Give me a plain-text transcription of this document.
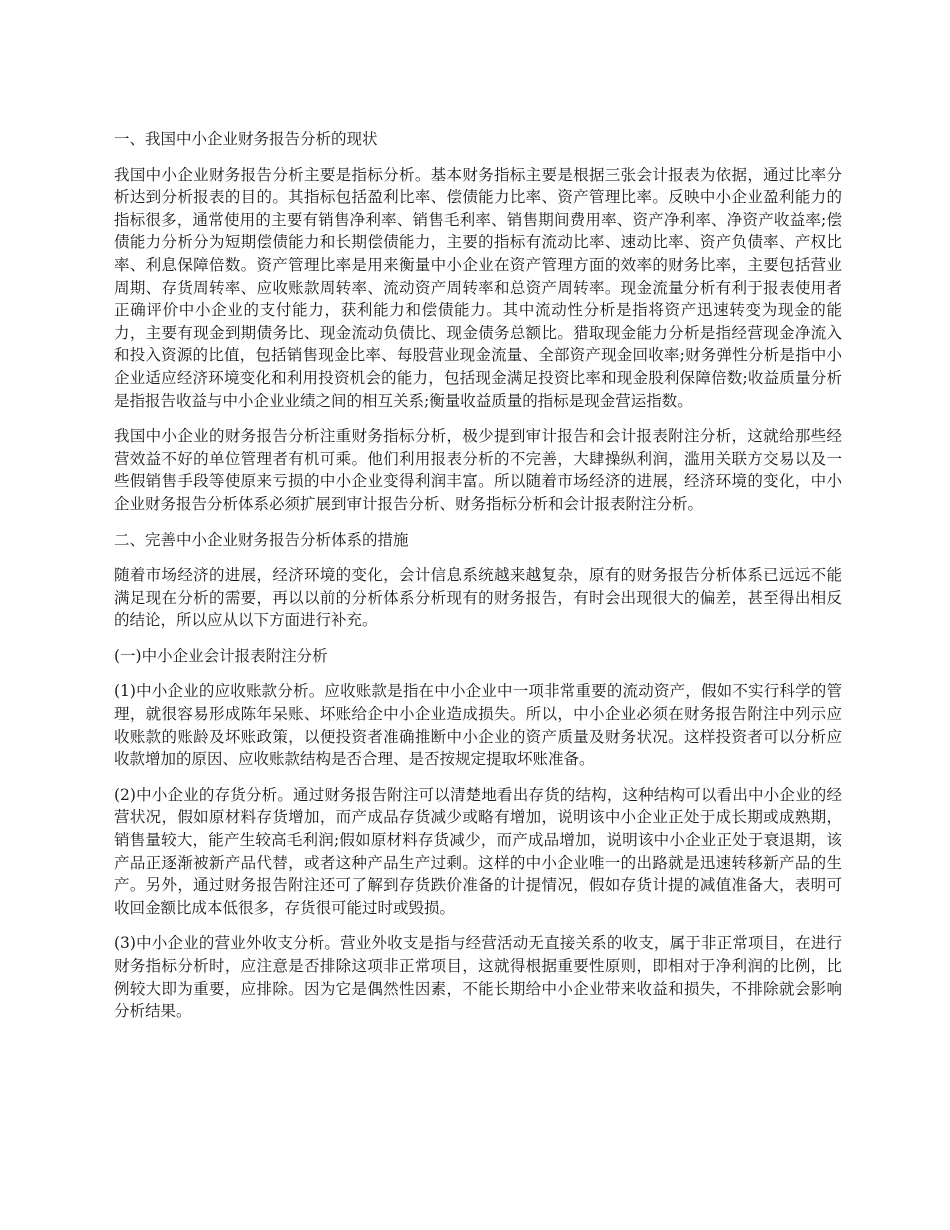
一、我国中小企业财务报告分析的现状

我国中小企业财务报告分析主要是指标分析。基本财务指标主要是根据三张会计报表为依据，通过比率分析达到分析报表的目的。其指标包括盈利比率、偿债能力比率、资产管理比率。反映中小企业盈利能力的指标很多，通常使用的主要有销售净利率、销售毛利率、销售期间费用率、资产净利率、净资产收益率;偿债能力分析分为短期偿债能力和长期偿债能力，主要的指标有流动比率、速动比率、资产负债率、产权比率、利息保障倍数。资产管理比率是用来衡量中小企业在资产管理方面的效率的财务比率，主要包括营业周期、存货周转率、应收账款周转率、流动资产周转率和总资产周转率。现金流量分析有利于报表使用者正确评价中小企业的支付能力，获利能力和偿债能力。其中流动性分析是指将资产迅速转变为现金的能力，主要有现金到期债务比、现金流动负债比、现金债务总额比。猎取现金能力分析是指经营现金净流入和投入资源的比值，包括销售现金比率、每股营业现金流量、全部资产现金回收率;财务弹性分析是指中小企业适应经济环境变化和利用投资机会的能力，包括现金满足投资比率和现金股利保障倍数;收益质量分析是指报告收益与中小企业业绩之间的相互关系;衡量收益质量的指标是现金营运指数。

我国中小企业的财务报告分析注重财务指标分析，极少提到审计报告和会计报表附注分析，这就给那些经营效益不好的单位管理者有机可乘。他们利用报表分析的不完善，大肆操纵利润，滥用关联方交易以及一些假销售手段等使原来亏损的中小企业变得利润丰富。所以随着市场经济的进展，经济环境的变化，中小企业财务报告分析体系必须扩展到审计报告分析、财务指标分析和会计报表附注分析。

二、完善中小企业财务报告分析体系的措施

随着市场经济的进展，经济环境的变化，会计信息系统越来越复杂，原有的财务报告分析体系已远远不能满足现在分析的需要，再以以前的分析体系分析现有的财务报告，有时会出现很大的偏差，甚至得出相反的结论，所以应从以下方面进行补充。

(一)中小企业会计报表附注分析

(1)中小企业的应收账款分析。应收账款是指在中小企业中一项非常重要的流动资产，假如不实行科学的管理，就很容易形成陈年呆账、坏账给企中小企业造成损失。所以，中小企业必须在财务报告附注中列示应收账款的账龄及坏账政策，以便投资者准确推断中小企业的资产质量及财务状况。这样投资者可以分析应收款增加的原因、应收账款结构是否合理、是否按规定提取坏账准备。

(2)中小企业的存货分析。通过财务报告附注可以清楚地看出存货的结构，这种结构可以看出中小企业的经营状况，假如原材料存货增加，而产成品存货减少或略有增加，说明该中小企业正处于成长期或成熟期，销售量较大，能产生较高毛利润;假如原材料存货减少，而产成品增加，说明该中小企业正处于衰退期，该产品正逐渐被新产品代替，或者这种产品生产过剩。这样的中小企业唯一的出路就是迅速转移新产品的生产。另外，通过财务报告附注还可了解到存货跌价准备的计提情况，假如存货计提的减值准备大，表明可收回金额比成本低很多，存货很可能过时或毁损。

(3)中小企业的营业外收支分析。营业外收支是指与经营活动无直接关系的收支，属于非正常项目，在进行财务指标分析时，应注意是否排除这项非正常项目，这就得根据重要性原则，即相对于净利润的比例，比例较大即为重要，应排除。因为它是偶然性因素，不能长期给中小企业带来收益和损失，不排除就会影响分析结果。
